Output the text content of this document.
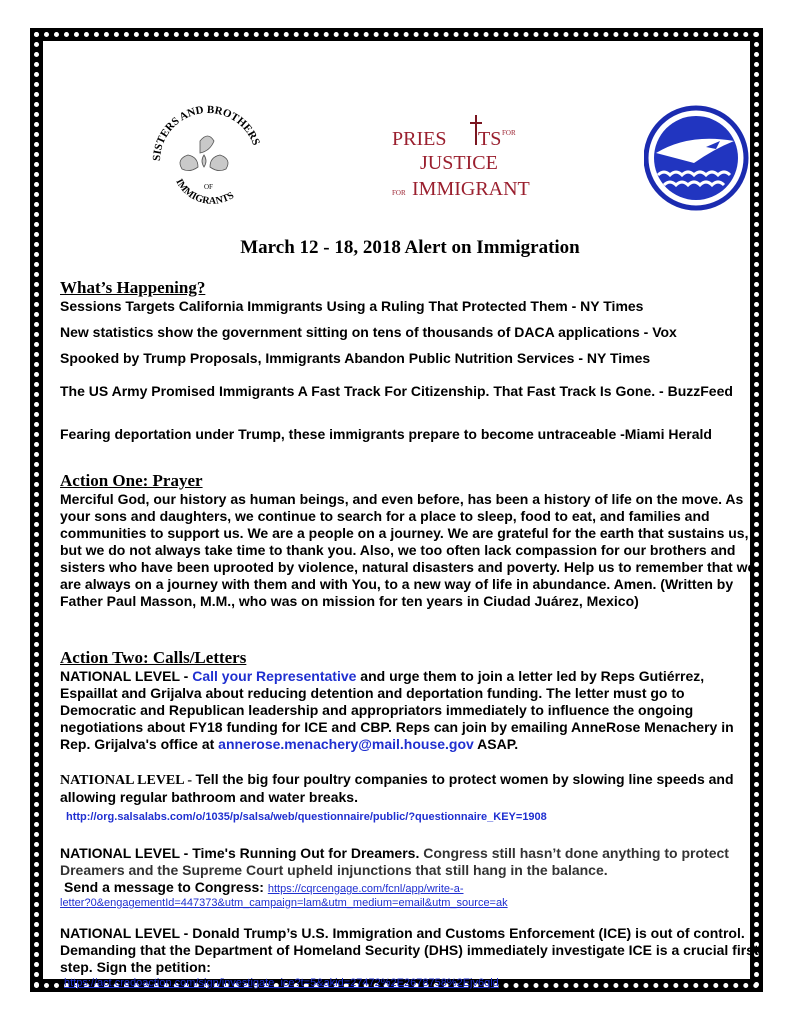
SISTERS AND BROTHERS
IMMIGRANTS
OF
PRIES TS FOR
JUSTICE
FOR IMMIGRANTS
March 12 - 18, 2018 Alert on Immigration
What’s Happening?
Sessions Targets California Immigrants Using a Ruling That Protected Them - NY Times
New statistics show the government sitting on tens of thousands of DACA applications - Vox
Spooked by Trump Proposals, Immigrants Abandon Public Nutrition Services - NY Times
The US Army Promised Immigrants A Fast Track For Citizenship. That Fast Track Is Gone. - BuzzFeed
Fearing deportation under Trump, these immigrants prepare to become untraceable -Miami Herald
Action One: Prayer
Merciful God, our history as human beings, and even before, has been a history of life on the move. As your sons and daughters, we continue to search for a place to sleep, food to eat, and families and communities to support us. We are a people on a journey. We are grateful for the earth that sustains us, but we do not always take time to thank you. Also, we too often lack compassion for our brothers and sisters who have been uprooted by violence, natural disasters and poverty. Help us to remember that we are always on a journey with them and with You, to a new way of life in abundance. Amen. (Written by Father Paul Masson, M.M., who was on mission for ten years in Ciudad Juárez, Mexico)
Action Two: Calls/Letters
NATIONAL LEVEL - Call your Representative and urge them to join a letter led by Reps Gutiérrez, Espaillat and Grijalva about reducing detention and deportation funding. The letter must go to Democratic and Republican leadership and appropriators immediately to influence the ongoing negotiations about FY18 funding for ICE and CBP. Reps can join by emailing AnneRose Menachery in Rep. Grijalva's office at annerose.menachery@mail.house.gov ASAP.
NATIONAL LEVEL - Tell the big four poultry companies to protect women by slowing line speeds and allowing regular bathroom and water breaks.
http://org.salsalabs.com/o/1035/p/salsa/web/questionnaire/public/?questionnaire_KEY=1908
NATIONAL LEVEL - Time's Running Out for Dreamers. Congress still hasn’t done anything to protect Dreamers and the Supreme Court upheld injunctions that still hang in the balance.
Send a message to Congress: https://cqrcengage.com/fcnl/app/write-a-
letter?0&engagementId=447373&utm_campaign=lam&utm_medium=email&utm_source=ak
NATIONAL LEVEL - Donald Trump’s U.S. Immigration and Customs Enforcement (ICE) is out of control. Demanding that the Department of Homeland Security (DHS) immediately investigate ICE is a crucial first step. Sign the petition:
https://act.credoaction.com/sign/investigate_ice?t=5&akid=27472%2E2678758%2Ejv6qld
